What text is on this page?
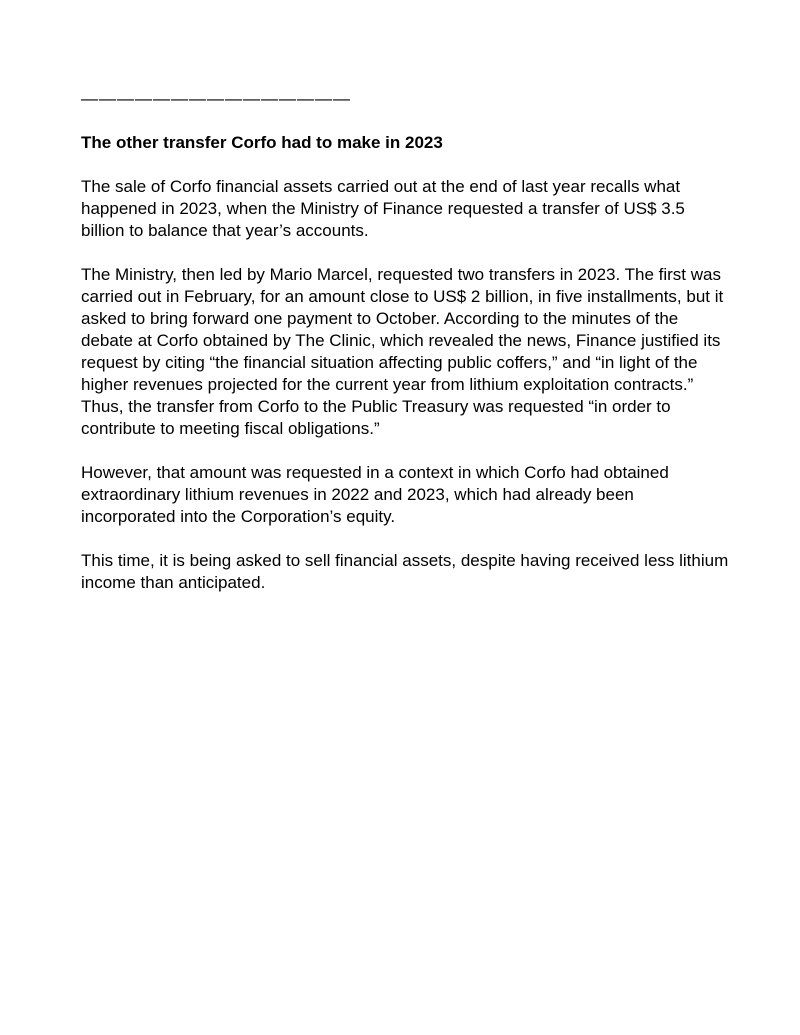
———————————————
The other transfer Corfo had to make in 2023

The sale of Corfo financial assets carried out at the end of last year recalls what happened in 2023, when the Ministry of Finance requested a transfer of US$ 3.5 billion to balance that year’s accounts.

The Ministry, then led by Mario Marcel, requested two transfers in 2023. The first was carried out in February, for an amount close to US$ 2 billion, in five installments, but it asked to bring forward one payment to October. According to the minutes of the debate at Corfo obtained by The Clinic, which revealed the news, Finance justified its request by citing “the financial situation affecting public coffers,” and “in light of the higher revenues projected for the current year from lithium exploitation contracts.” Thus, the transfer from Corfo to the Public Treasury was requested “in order to contribute to meeting fiscal obligations.”

However, that amount was requested in a context in which Corfo had obtained extraordinary lithium revenues in 2022 and 2023, which had already been incorporated into the Corporation’s equity.

This time, it is being asked to sell financial assets, despite having received less lithium income than anticipated.
